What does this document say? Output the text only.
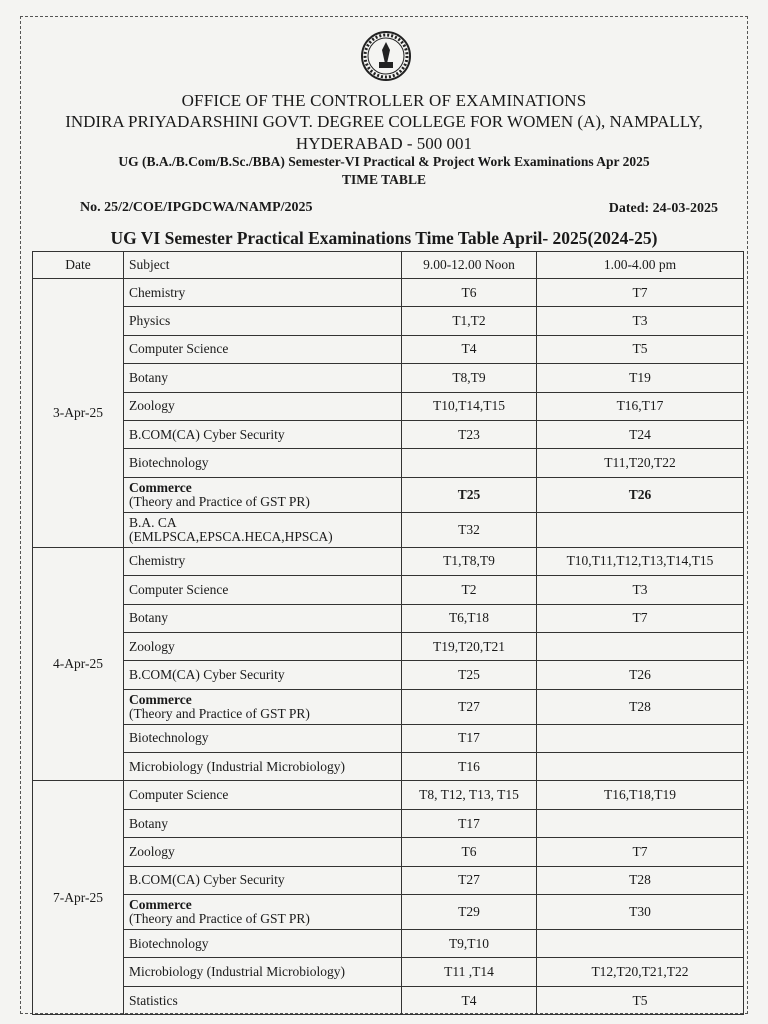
OFFICE OF THE CONTROLLER OF EXAMINATIONS
INDIRA PRIYADARSHINI GOVT. DEGREE COLLEGE FOR WOMEN (A), NAMPALLY,
HYDERABAD - 500 001
UG (B.A./B.Com/B.Sc./BBA) Semester-VI Practical & Project Work Examinations Apr 2025
TIME TABLE
No. 25/2/COE/IPGDCWA/NAMP/2025	Dated: 24-03-2025
UG VI Semester Practical Examinations Time Table April- 2025(2024-25)
Date	Subject	9.00-12.00 Noon	1.00-4.00 pm
3-Apr-25	Chemistry	T6	T7
	Physics	T1,T2	T3
	Computer Science	T4	T5
	Botany	T8,T9	T19
	Zoology	T10,T14,T15	T16,T17
	B.COM(CA) Cyber Security	T23	T24
	Biotechnology		T11,T20,T22

	Commerce
(Theory and Practice of GST PR)	T25	T26

	B.A. CA
(EMLPSCA,EPSCA.HECA,HPSCA)	T32	
4-Apr-25	Chemistry	T1,T8,T9	T10,T11,T12,T13,T14,T15
	Computer Science	T2	T3
	Botany	T6,T18	T7
	Zoology	T19,T20,T21	
	B.COM(CA) Cyber Security	T25	T26

	Commerce
(Theory and Practice of GST PR)	T27	T28
	Biotechnology	T17	
	Microbiology (Industrial Microbiology)	T16	
7-Apr-25	Computer Science	T8, T12, T13, T15	T16,T18,T19
	Botany	T17	
	Zoology	T6	T7
	B.COM(CA) Cyber Security	T27	T28

	Commerce
(Theory and Practice of GST PR)	T29	T30
	Biotechnology	T9,T10	
	Microbiology (Industrial Microbiology)	T11 ,T14	T12,T20,T21,T22
	Statistics	T4	T5
